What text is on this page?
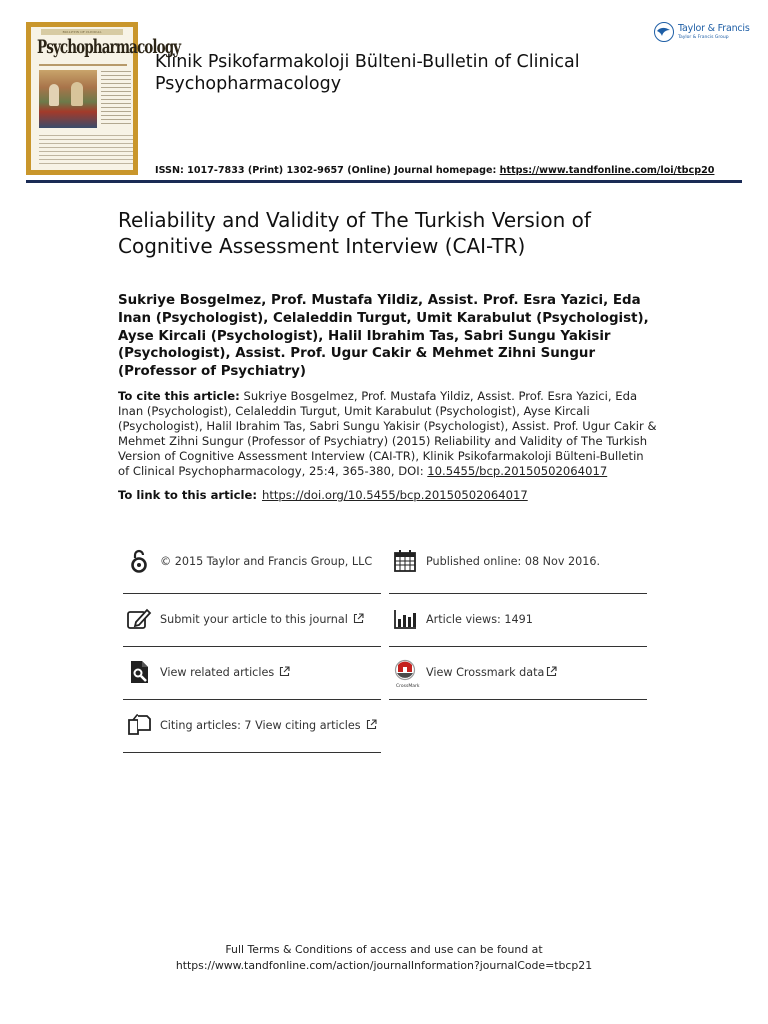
BULLETIN OF CLINICAL
Psychopharmacology
Klinik Psikofarmakoloji Bülteni-Bulletin of Clinical Psychopharmacology
ISSN: 1017-7833 (Print) 1302-9657 (Online) Journal homepage: https://www.tandfonline.com/loi/tbcp20
Taylor & Francis
Taylor & Francis Group
Reliability and Validity of The Turkish Version of Cognitive Assessment Interview (CAI-TR)
Sukriye Bosgelmez, Prof. Mustafa Yildiz, Assist. Prof. Esra Yazici, Eda Inan (Psychologist), Celaleddin Turgut, Umit Karabulut (Psychologist), Ayse Kircali (Psychologist), Halil Ibrahim Tas, Sabri Sungu Yakisir (Psychologist), Assist. Prof. Ugur Cakir & Mehmet Zihni Sungur (Professor of Psychiatry)
To cite this article: Sukriye Bosgelmez, Prof. Mustafa Yildiz, Assist. Prof. Esra Yazici, Eda Inan (Psychologist), Celaleddin Turgut, Umit Karabulut (Psychologist), Ayse Kircali (Psychologist), Halil Ibrahim Tas, Sabri Sungu Yakisir (Psychologist), Assist. Prof. Ugur Cakir & Mehmet Zihni Sungur (Professor of Psychiatry) (2015) Reliability and Validity of The Turkish Version of Cognitive Assessment Interview (CAI-TR), Klinik Psikofarmakoloji Bülteni-Bulletin of Clinical Psychopharmacology, 25:4, 365-380, DOI: 10.5455/bcp.20150502064017
To link to this article: https://doi.org/10.5455/bcp.20150502064017
© 2015 Taylor and Francis Group, LLC	Published online: 08 Nov 2016.
Submit your article to this journal	Article views: 1491
View related articles
CrossMark
View Crossmark data
Citing articles: 7 View citing articles
Full Terms & Conditions of access and use can be found at
https://www.tandfonline.com/action/journalInformation?journalCode=tbcp21
